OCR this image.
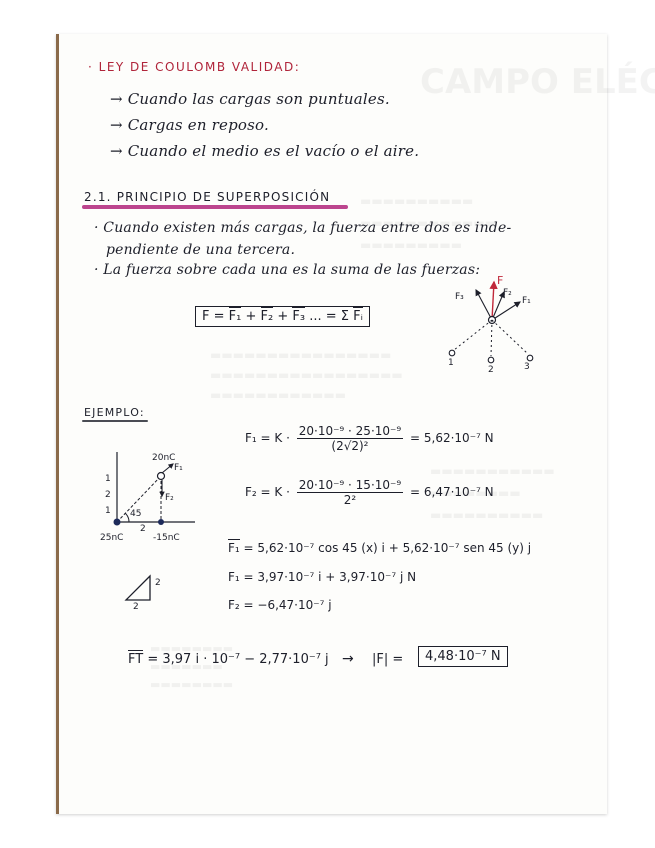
· LEY DE COULOMB VALIDAD:
→ Cuando las cargas son puntuales.
→ Cargas en reposo.
→ Cuando el medio es el vacío o el aire.
2.1. PRINCIPIO DE SUPERPOSICIÓN
· Cuando existen más cargas, la fuerza entre dos es inde-
pendiente de una tercera.
· La fuerza sobre cada una es la suma de las fuerzas:
F = F₁ + F₂ + F₃ ... = Σ Fᵢ
F
F₃	F₂
F₁
1
2	3
EJEMPLO:
20nC
F₁
F₂
45
1
2
1
2
25nC	-15nC
2
2
$F_1 = K \cdot \frac{\text{20·10⁻⁹ · 25·10⁻⁹}}{\text{(2√2)²}} = 5,62\cdot 10^{-7}$ N
$F_2 = K \cdot \frac{\text{20·10⁻⁹ · 15·10⁻⁹}}{\text{2²}} = 6,47\cdot 10^{-7}$ N
F₁ = 5,62·10⁻⁷ cos 45 (x) i + 5,62·10⁻⁷ sen 45 (y) j
F₁ = 3,97·10⁻⁷ i + 3,97·10⁻⁷ j N
F₂ = −6,47·10⁻⁷ j
FT = 3,97 i · 10⁻⁷ − 2,77·10⁻⁷ j → |F| =	4,48·10⁻⁷ N
